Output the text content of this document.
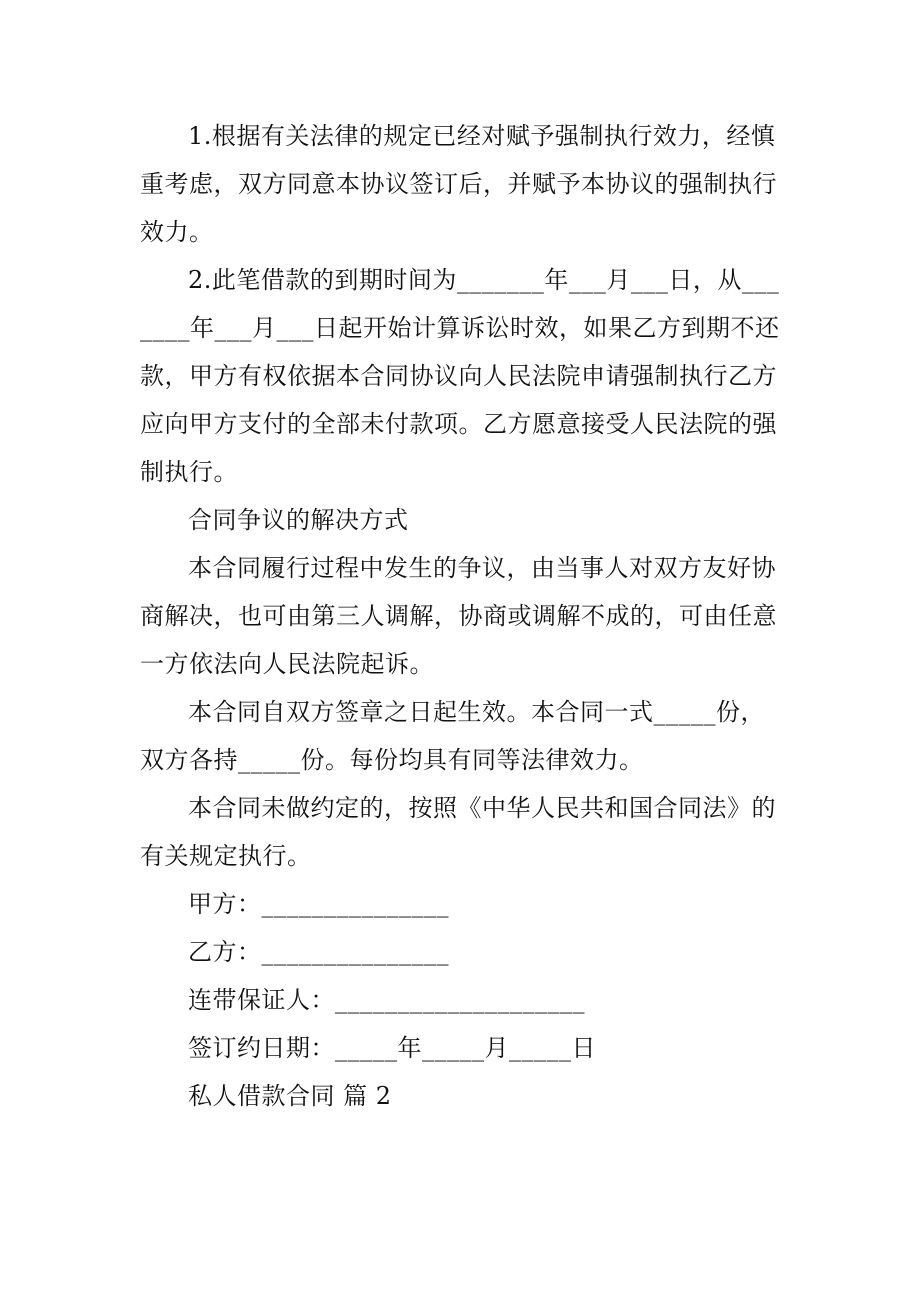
1.根据有关法律的规定已经对赋予强制执行效力，经慎重考虑，双方同意本协议签订后，并赋予本协议的强制执行效力。

2.此笔借款的到期时间为_______年___月___日，从_______年___月___日起开始计算诉讼时效，如果乙方到期不还款，甲方有权依据本合同协议向人民法院申请强制执行乙方应向甲方支付的全部未付款项。乙方愿意接受人民法院的强制执行。

合同争议的解决方式

本合同履行过程中发生的争议，由当事人对双方友好协商解决，也可由第三人调解，协商或调解不成的，可由任意一方依法向人民法院起诉。

本合同自双方签章之日起生效。本合同一式_____份，双方各持_____份。每份均具有同等法律效力。

本合同未做约定的，按照《中华人民共和国合同法》的有关规定执行。

甲方：_______________

乙方：_______________

连带保证人：____________________

签订约日期：_____年_____月_____日

私人借款合同 篇 2
